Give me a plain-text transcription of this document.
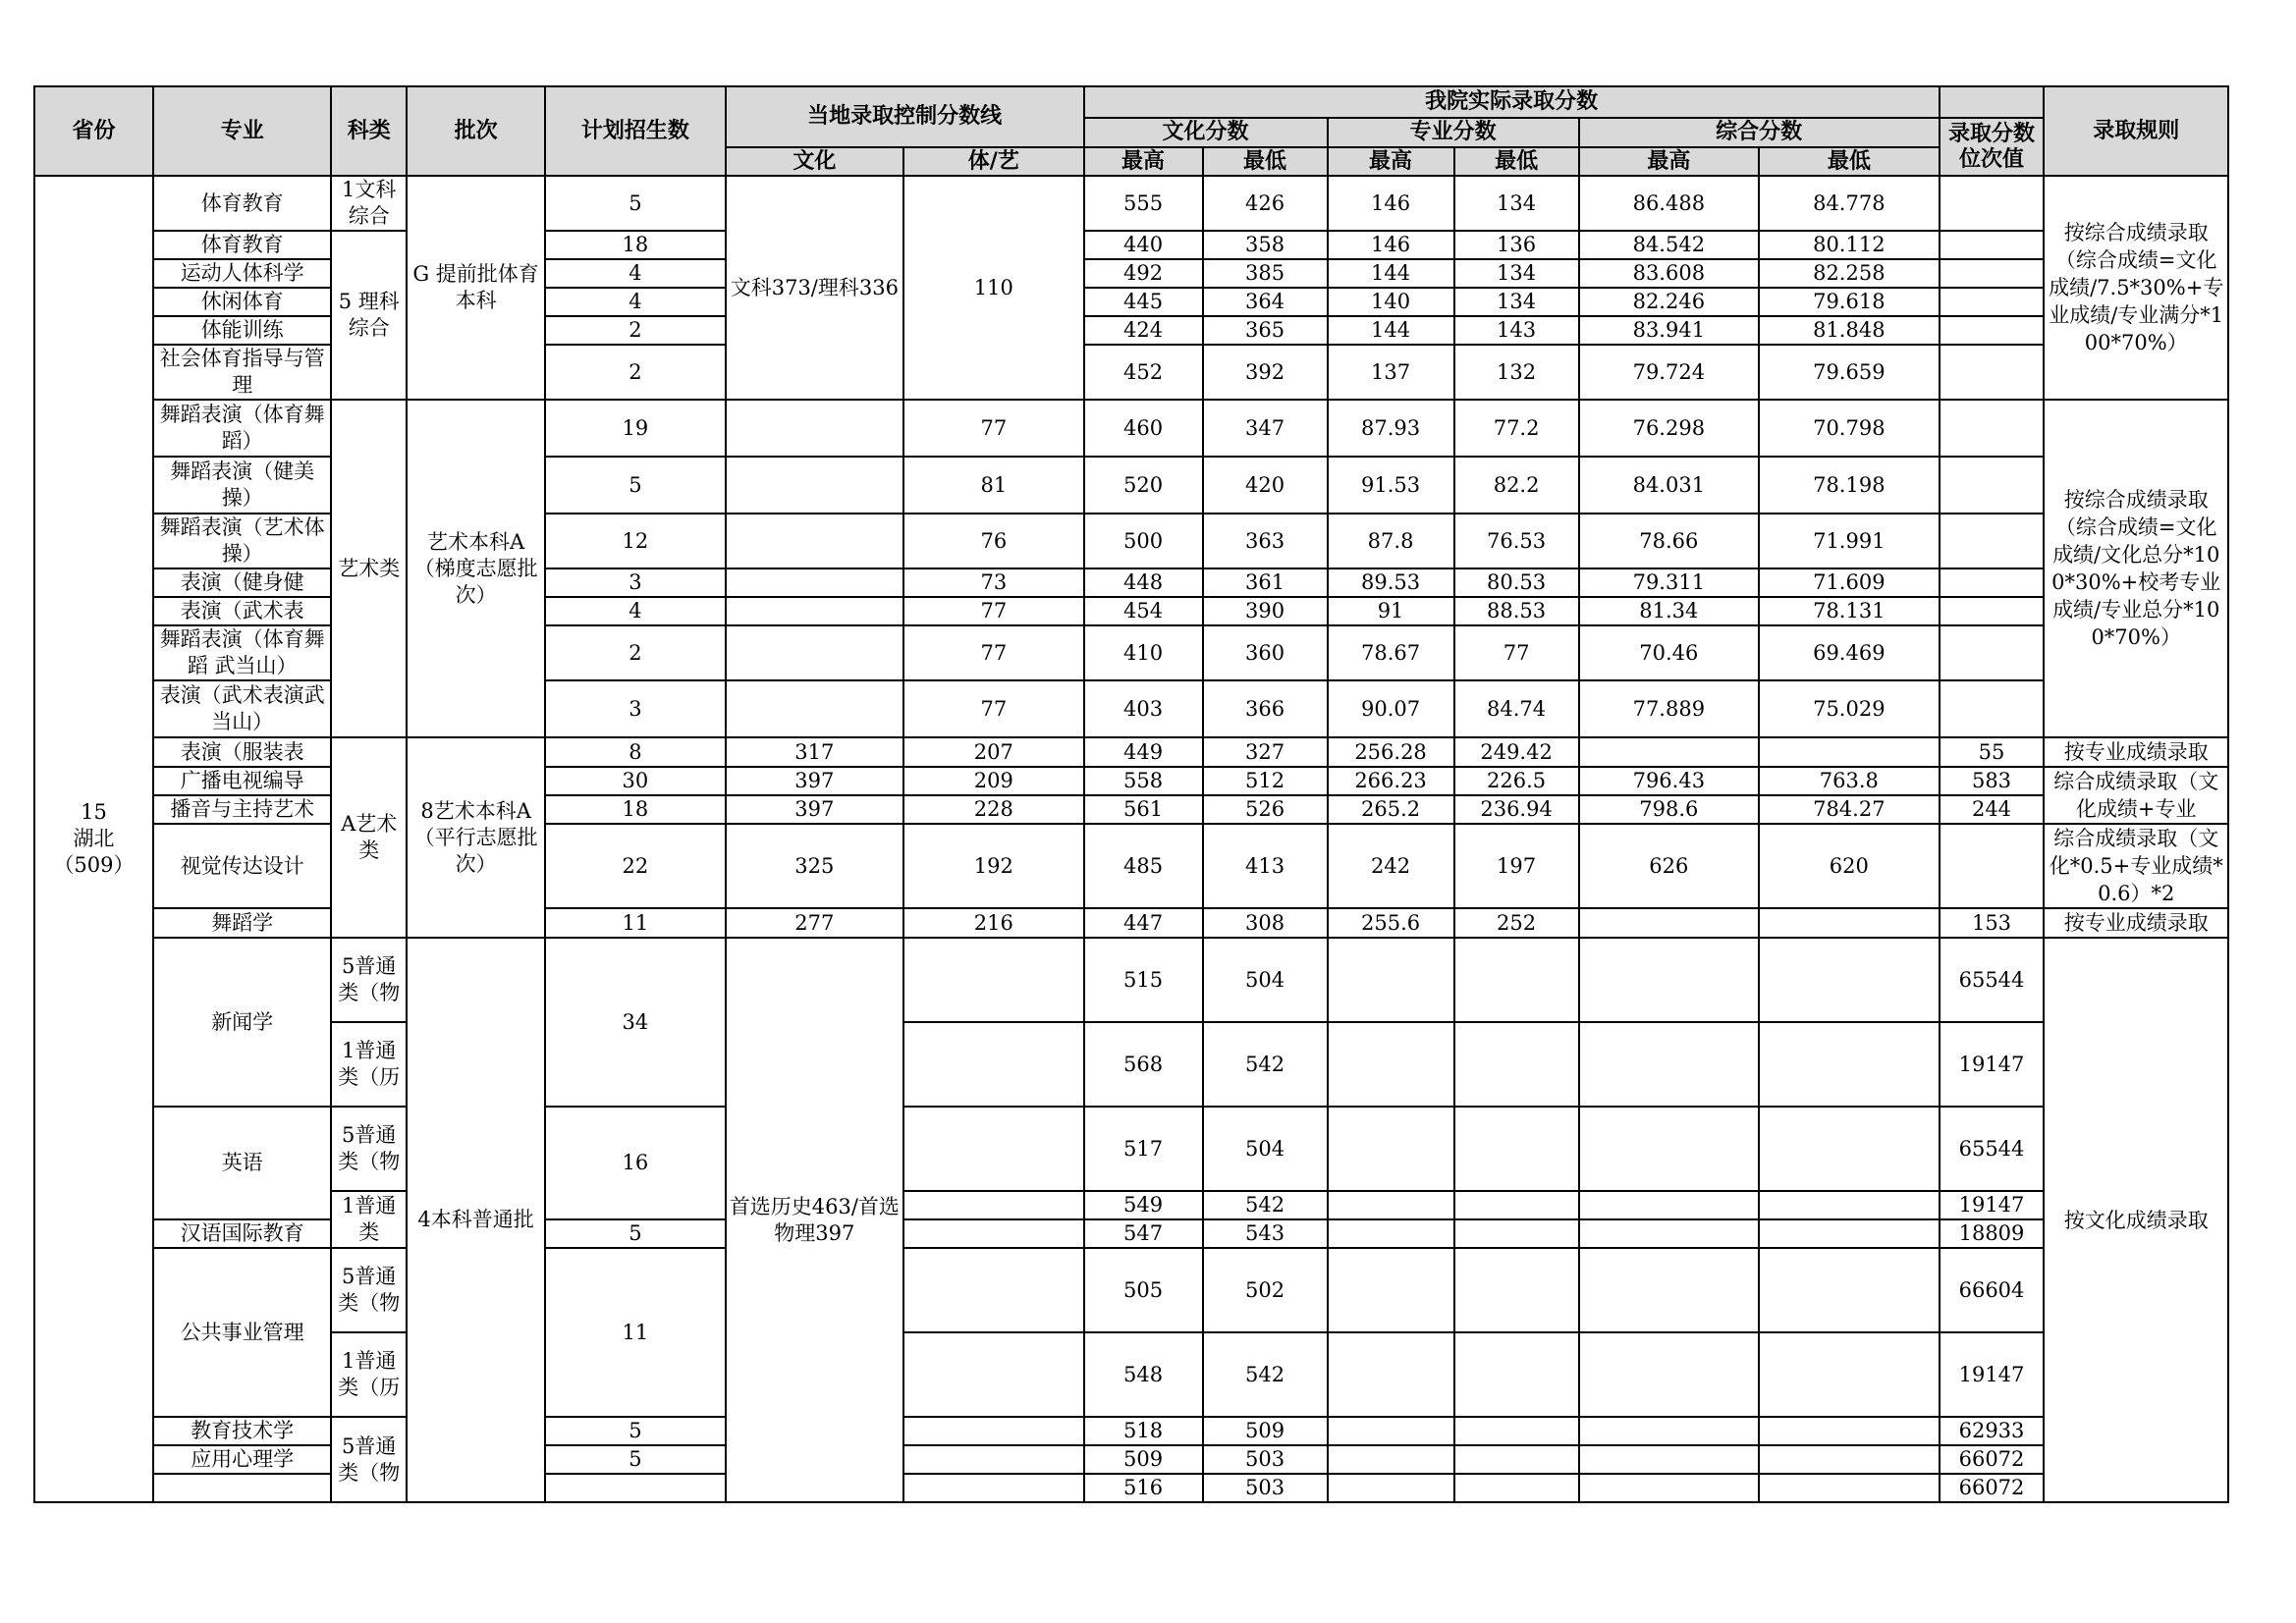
省份	专业	科类	批次	计划招生数	当地录取控制分数线		我院实际录取分数							录取规则
							文化分数		专业分数		综合分数		录取分数位次值	
					文化	体/艺	最高	最低	最高	最低	最高	最低		

15
湖北
（509）	体育教育	1文科综合	G 提前批体育本科	5	文科373/理科336	110	555	426	146	134	86.488	84.778		按综合成绩录取（综合成绩=文化成绩/7.5*30%+专业成绩/专业满分*100*70%）
	体育教育	5 理科综合		18			440	358	146	136	84.542	80.112		
	运动人体科学			4			492	385	144	134	83.608	82.258		
	休闲体育			4			445	364	140	134	82.246	79.618		
	体能训练			2			424	365	144	143	83.941	81.848		
	社会体育指导与管理			2			452	392	137	132	79.724	79.659		
	舞蹈表演（体育舞蹈）	艺术类	艺术本科A（梯度志愿批次）	19		77	460	347	87.93	77.2	76.298	70.798		按综合成绩录取（综合成绩=文化成绩/文化总分*100*30%+校考专业成绩/专业总分*100*70%）
	舞蹈表演（健美操）			5		81	520	420	91.53	82.2	84.031	78.198		
	舞蹈表演（艺术体操）			12		76	500	363	87.8	76.53	78.66	71.991		
	表演（健身健			3		73	448	361	89.53	80.53	79.311	71.609		
	表演（武术表			4		77	454	390	91	88.53	81.34	78.131		
	舞蹈表演（体育舞蹈 武当山）			2		77	410	360	78.67	77	70.46	69.469		
	表演（武术表演武当山）			3		77	403	366	90.07	84.74	77.889	75.029		
	表演（服装表	A艺术类	8艺术本科A（平行志愿批次）	8	317	207	449	327	256.28	249.42			55	按专业成绩录取
	广播电视编导			30	397	209	558	512	266.23	226.5	796.43	763.8	583	综合成绩录取（文化成绩+专业
	播音与主持艺术			18	397	228	561	526	265.2	236.94	798.6	784.27	244	
	视觉传达设计			22	325	192	485	413	242	197	626	620		综合成绩录取（文化*0.5+专业成绩*0.6）*2
	舞蹈学			11	277	216	447	308	255.6	252			153	按专业成绩录取
	新闻学	5普通类（物	4本科普通批	34	首选历史463/首选物理397		515	504					65544	按文化成绩录取
		1普通类（历					568	542					19147	
	英语	5普通类（物		16			517	504					65544	
		1普通类					549	542					19147	
	汉语国际教育			5			547	543					18809	
	公共事业管理	5普通类（物		11			505	502					66604	
		1普通类（历					548	542					19147	
	教育技术学	5普通类（物		5			518	509					62933	
	应用心理学			5			509	503					66072	
							516	503					66072	
